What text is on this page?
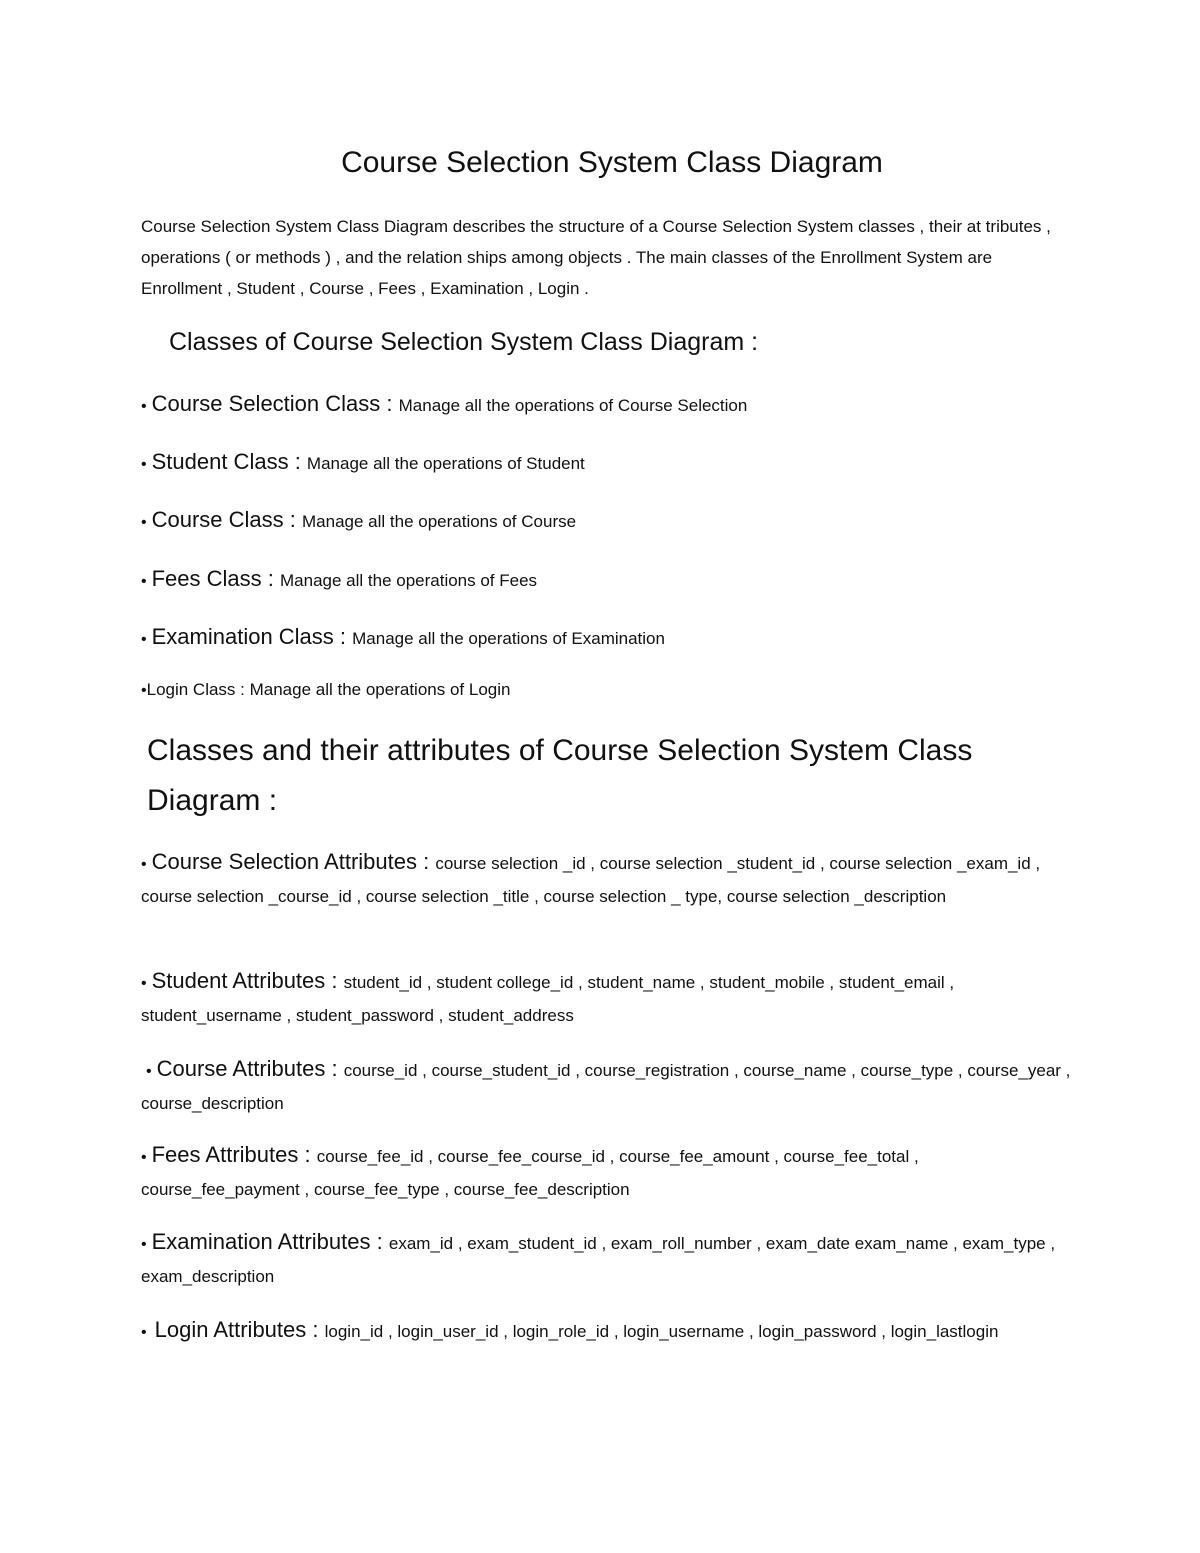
Course Selection System Class Diagram

Course Selection System Class Diagram describes the structure of a Course Selection System classes , their at tributes , operations ( or methods ) , and the relation ships among objects . The main classes of the Enrollment System are Enrollment , Student , Course , Fees , Examination , Login .

Classes of Course Selection System Class Diagram :

• Course Selection Class : Manage all the operations of Course Selection

• Student Class : Manage all the operations of Student

• Course Class : Manage all the operations of Course

• Fees Class : Manage all the operations of Fees

• Examination Class : Manage all the operations of Examination

•Login Class : Manage all the operations of Login

Classes and their attributes of Course Selection System Class Diagram :

• Course Selection Attributes : course selection _id , course selection _student_id , course selection _exam_id , course selection _course_id , course selection _title , course selection _ type, course selection _description

• Student Attributes : student_id , student college_id , student_name , student_mobile , student_email , student_username , student_password , student_address

• Course Attributes : course_id , course_student_id , course_registration , course_name , course_type , course_year , course_description

• Fees Attributes : course_fee_id , course_fee_course_id , course_fee_amount , course_fee_total , course_fee_payment , course_fee_type , course_fee_description

• Examination Attributes : exam_id , exam_student_id , exam_roll_number , exam_date exam_name , exam_type , exam_description

• Login Attributes : login_id , login_user_id , login_role_id , login_username , login_password , login_lastlogin
